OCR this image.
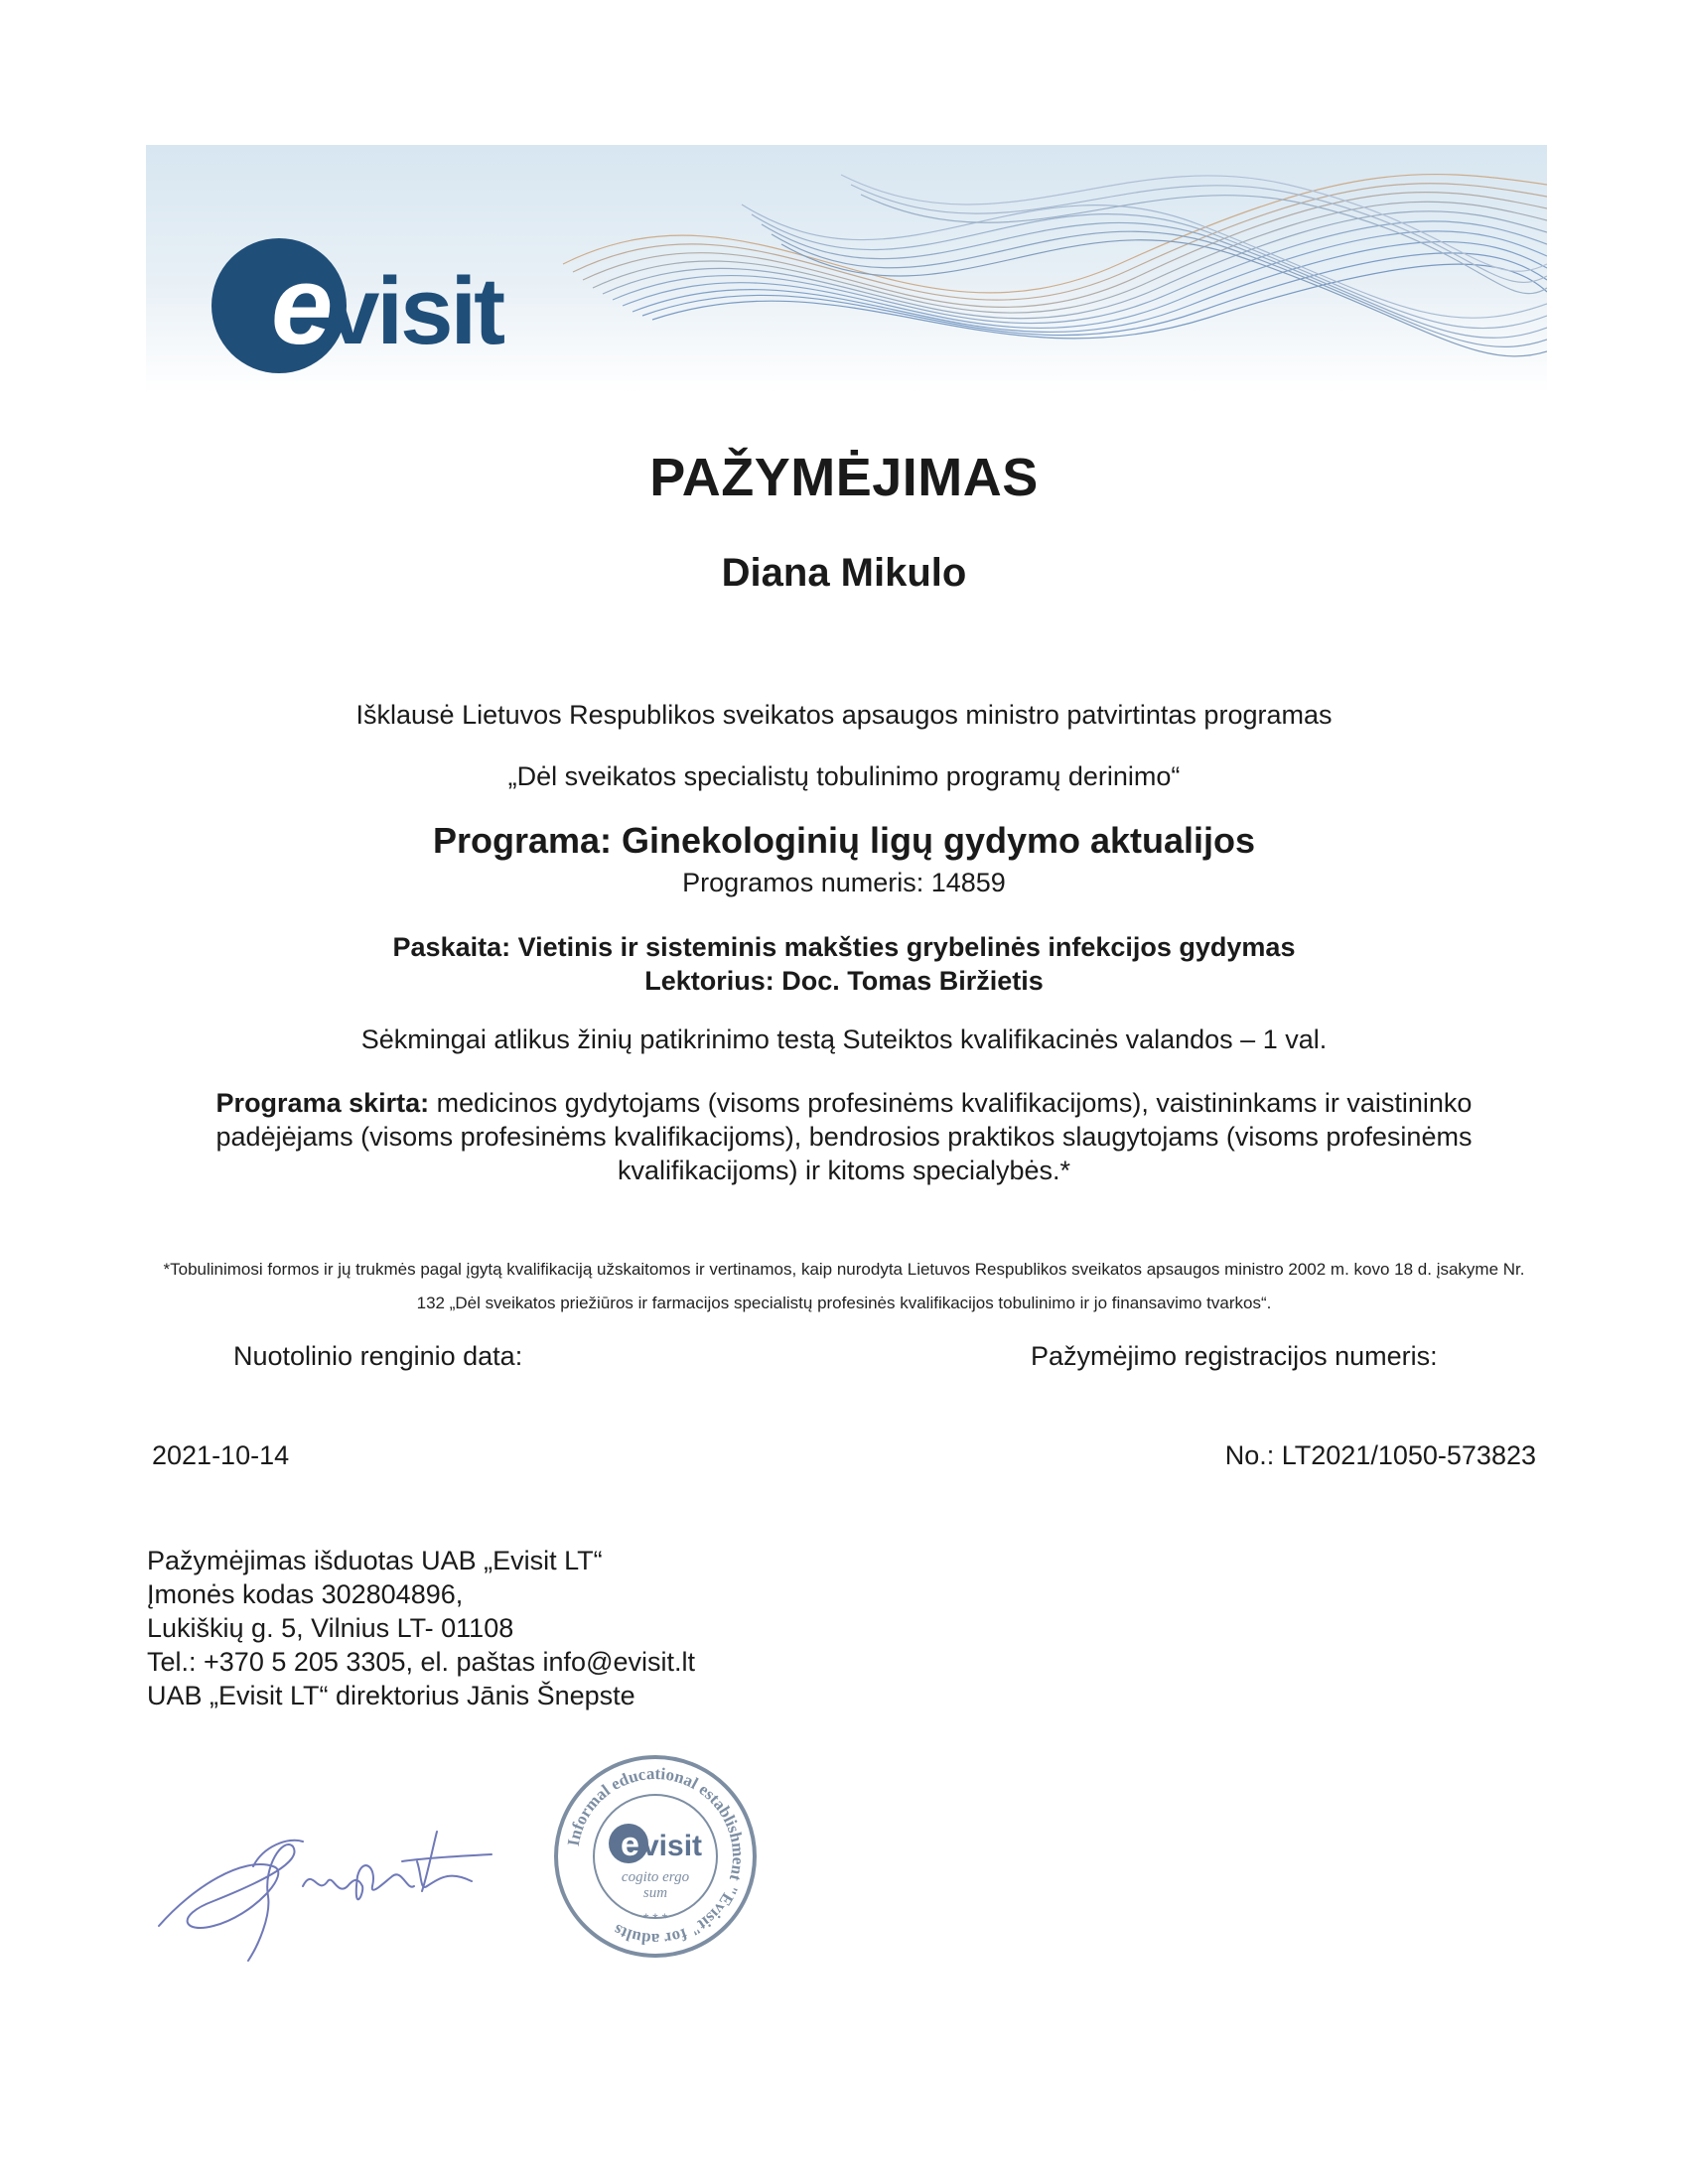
e
visit
PAŽYMĖJIMAS
Diana Mikulo
Išklausė Lietuvos Respublikos sveikatos apsaugos ministro patvirtintas programas
„Dėl sveikatos specialistų tobulinimo programų derinimo“
Programa: Ginekologinių ligų gydymo aktualijos
Programos numeris: 14859
Paskaita: Vietinis ir sisteminis makšties grybelinės infekcijos gydymas
Lektorius: Doc. Tomas Biržietis
Sėkmingai atlikus žinių patikrinimo testą Suteiktos kvalifikacinės valandos – 1 val.
Programa skirta: medicinos gydytojams (visoms profesinėms kvalifikacijoms), vaistininkams ir vaistininko padėjėjams (visoms profesinėms kvalifikacijoms), bendrosios praktikos slaugytojams (visoms profesinėms kvalifikacijoms) ir kitoms specialybės.*
*Tobulinimosi formos ir jų trukmės pagal įgytą kvalifikaciją užskaitomos ir vertinamos, kaip nurodyta Lietuvos Respublikos sveikatos apsaugos ministro 2002 m. kovo 18 d. įsakyme Nr. 132 „Dėl sveikatos priežiūros ir farmacijos specialistų profesinės kvalifikacijos tobulinimo ir jo finansavimo tvarkos“.
Nuotolinio renginio data:	Pažymėjimo registracijos numeris:
2021-10-14	No.: LT2021/1050-573823
Pažymėjimas išduotas UAB „Evisit LT“
Įmonės kodas 302804896,
Lukiškių g. 5, Vilnius LT- 01108
Tel.: +370 5 205 3305, el. paštas info@evisit.lt
UAB „Evisit LT“ direktorius Jānis Šnepste
Informal educational establishment "Evisit" for adults
e visit
cogito ergo
sum
* * *
